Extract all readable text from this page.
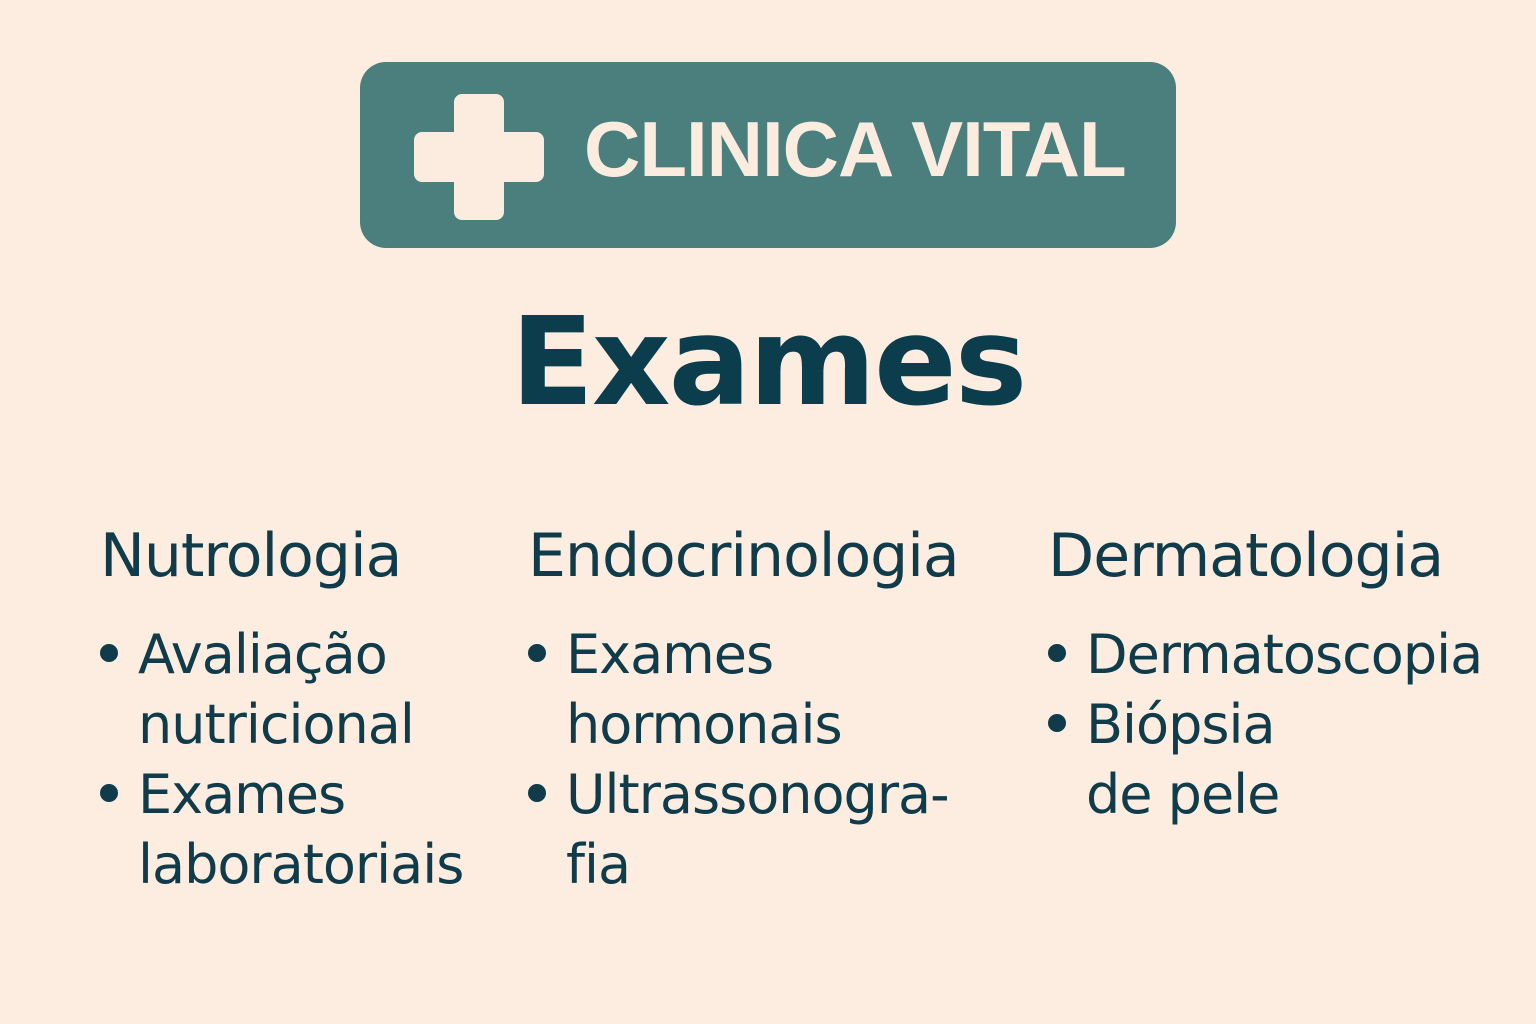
CLINICA VITAL
Exames
Nutrologia
Avaliação
nutricional
Exames
laboratoriais
Endocrinologia
Exames
hormonais
Ultrassonogra-
fia
Dermatologia
Dermatoscopia
Biópsia
de pele
